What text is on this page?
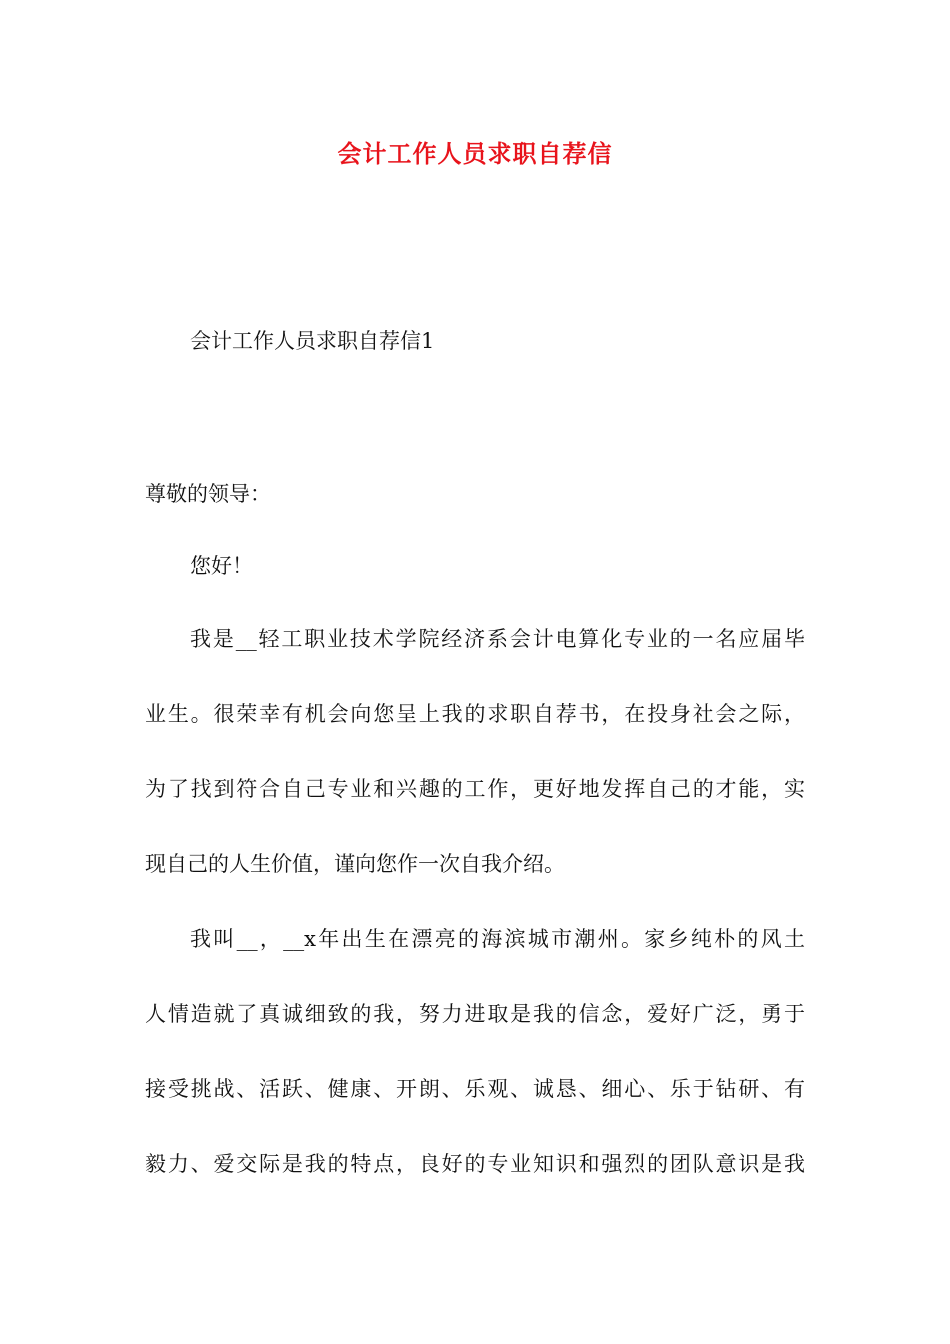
会计工作人员求职自荐信
会计工作人员求职自荐信1
尊敬的领导：
您好！
我是__轻工职业技术学院经济系会计电算化专业的一名应届毕
业生。很荣幸有机会向您呈上我的求职自荐书，在投身社会之际，
为了找到符合自己专业和兴趣的工作，更好地发挥自己的才能，实
现自己的人生价值，谨向您作一次自我介绍。
我叫__，__x年出生在漂亮的海滨城市潮州。家乡纯朴的风土
人情造就了真诚细致的我，努力进取是我的信念，爱好广泛，勇于
接受挑战、活跃、健康、开朗、乐观、诚恳、细心、乐于钻研、有
毅力、爱交际是我的特点，良好的专业知识和强烈的团队意识是我
